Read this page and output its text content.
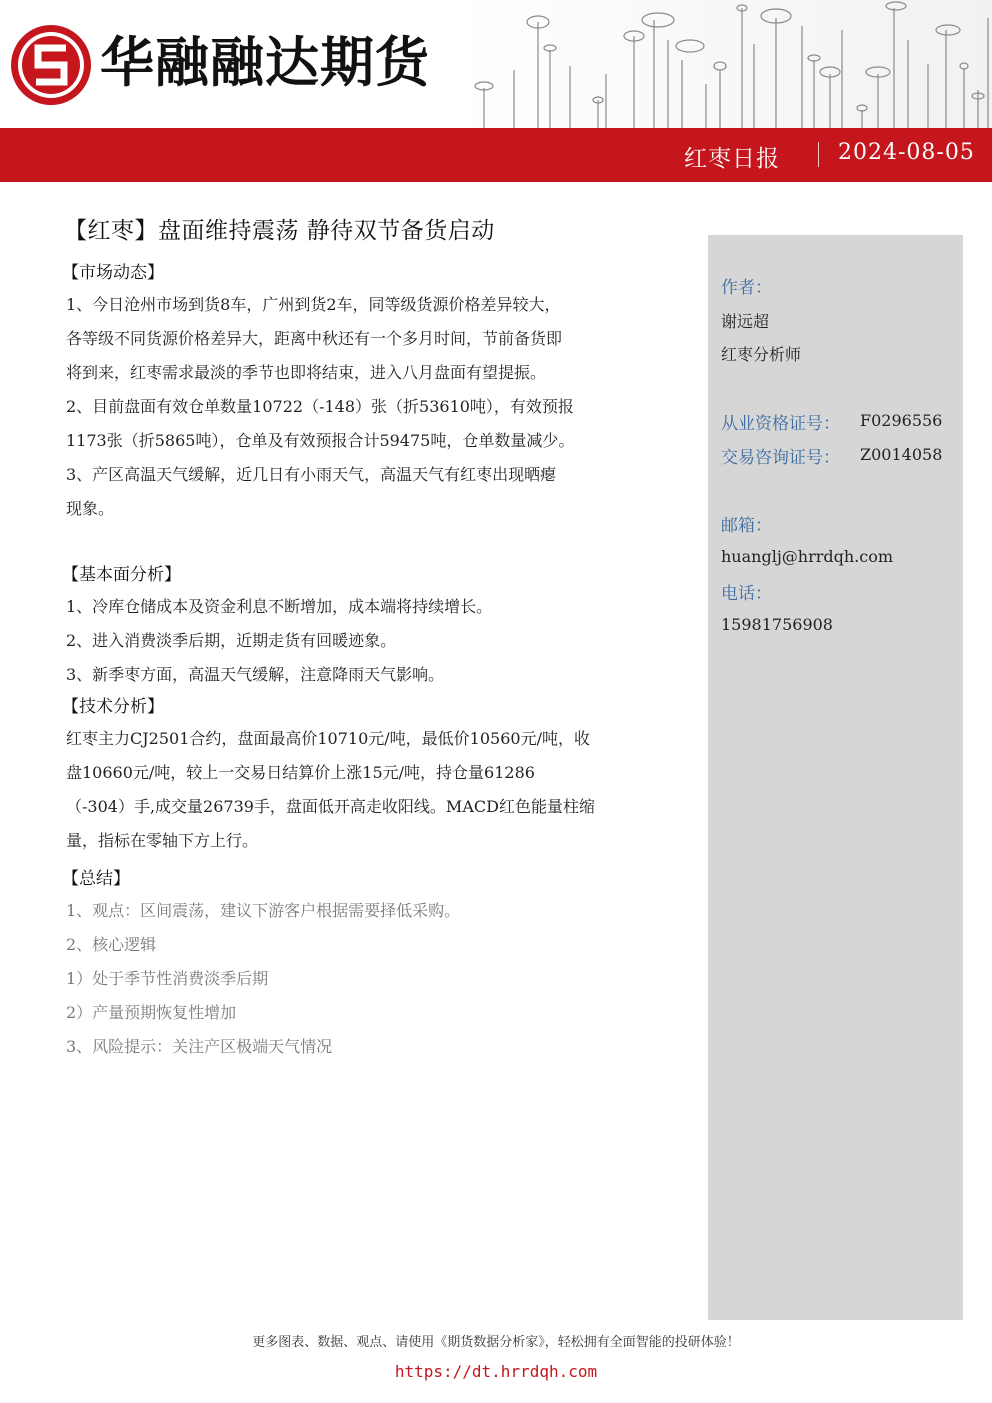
华融融达期货
红枣日报	2024-08-05
【红枣】盘面维持震荡 静待双节备货启动
【市场动态】
1、今日沧州市场到货8车，广州到货2车，同等级货源价格差异较大，
各等级不同货源价格差异大，距离中秋还有一个多月时间，节前备货即
将到来，红枣需求最淡的季节也即将结束，进入八月盘面有望提振。
2、目前盘面有效仓单数量10722（-148）张（折53610吨），有效预报
1173张（折5865吨），仓单及有效预报合计59475吨，仓单数量减少。
3、产区高温天气缓解，近几日有小雨天气，高温天气有红枣出现晒瘪
现象。
【基本面分析】
1、冷库仓储成本及资金利息不断增加，成本端将持续增长。
2、进入消费淡季后期，近期走货有回暖迹象。
3、新季枣方面，高温天气缓解，注意降雨天气影响。
【技术分析】
红枣主力CJ2501合约，盘面最高价10710元/吨，最低价10560元/吨，收
盘10660元/吨，较上一交易日结算价上涨15元/吨，持仓量61286
（-304）手,成交量26739手，盘面低开高走收阳线。MACD红色能量柱缩
量，指标在零轴下方上行。
【总结】
1、观点：区间震荡，建议下游客户根据需要择低采购。
2、核心逻辑
1）处于季节性消费淡季后期
2）产量预期恢复性增加
3、风险提示：关注产区极端天气情况
作者：
谢远超
红枣分析师
从业资格证号： F0296556
交易咨询证号： Z0014058
邮箱：
huanglj@hrrdqh.com
电话：
15981756908
更多图表、数据、观点、请使用《期货数据分析家》，轻松拥有全面智能的投研体验！
https://dt.hrrdqh.com
